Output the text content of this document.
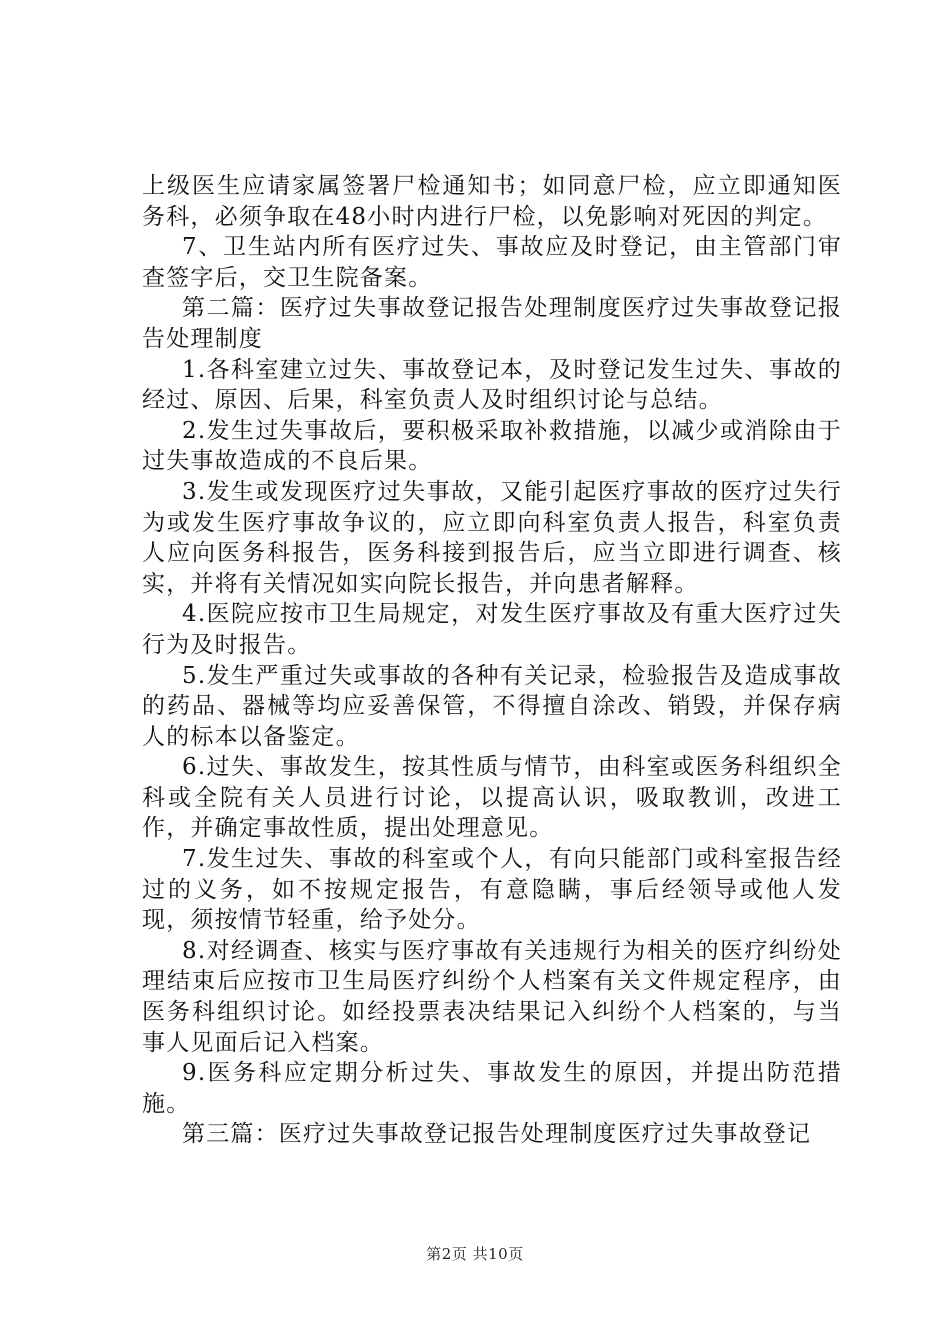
上级医生应请家属签署尸检通知书；如同意尸检，应立即通知医务科，必须争取在48小时内进行尸检，以免影响对死因的判定。

7、卫生站内所有医疗过失、事故应及时登记，由主管部门审查签字后，交卫生院备案。

第二篇：医疗过失事故登记报告处理制度医疗过失事故登记报告处理制度

1.各科室建立过失、事故登记本，及时登记发生过失、事故的经过、原因、后果，科室负责人及时组织讨论与总结。

2.发生过失事故后，要积极采取补救措施，以减少或消除由于过失事故造成的不良后果。

3.发生或发现医疗过失事故，又能引起医疗事故的医疗过失行为或发生医疗事故争议的，应立即向科室负责人报告，科室负责人应向医务科报告，医务科接到报告后，应当立即进行调查、核实，并将有关情况如实向院长报告，并向患者解释。

4.医院应按市卫生局规定，对发生医疗事故及有重大医疗过失行为及时报告。

5.发生严重过失或事故的各种有关记录，检验报告及造成事故的药品、器械等均应妥善保管，不得擅自涂改、销毁，并保存病人的标本以备鉴定。

6.过失、事故发生，按其性质与情节，由科室或医务科组织全科或全院有关人员进行讨论，以提高认识，吸取教训，改进工作，并确定事故性质，提出处理意见。

7.发生过失、事故的科室或个人，有向只能部门或科室报告经过的义务，如不按规定报告，有意隐瞒，事后经领导或他人发现，须按情节轻重，给予处分。

8.对经调查、核实与医疗事故有关违规行为相关的医疗纠纷处理结束后应按市卫生局医疗纠纷个人档案有关文件规定程序，由医务科组织讨论。如经投票表决结果记入纠纷个人档案的，与当事人见面后记入档案。

9.医务科应定期分析过失、事故发生的原因，并提出防范措施。

第三篇：医疗过失事故登记报告处理制度医疗过失事故登记

第2页 共10页
